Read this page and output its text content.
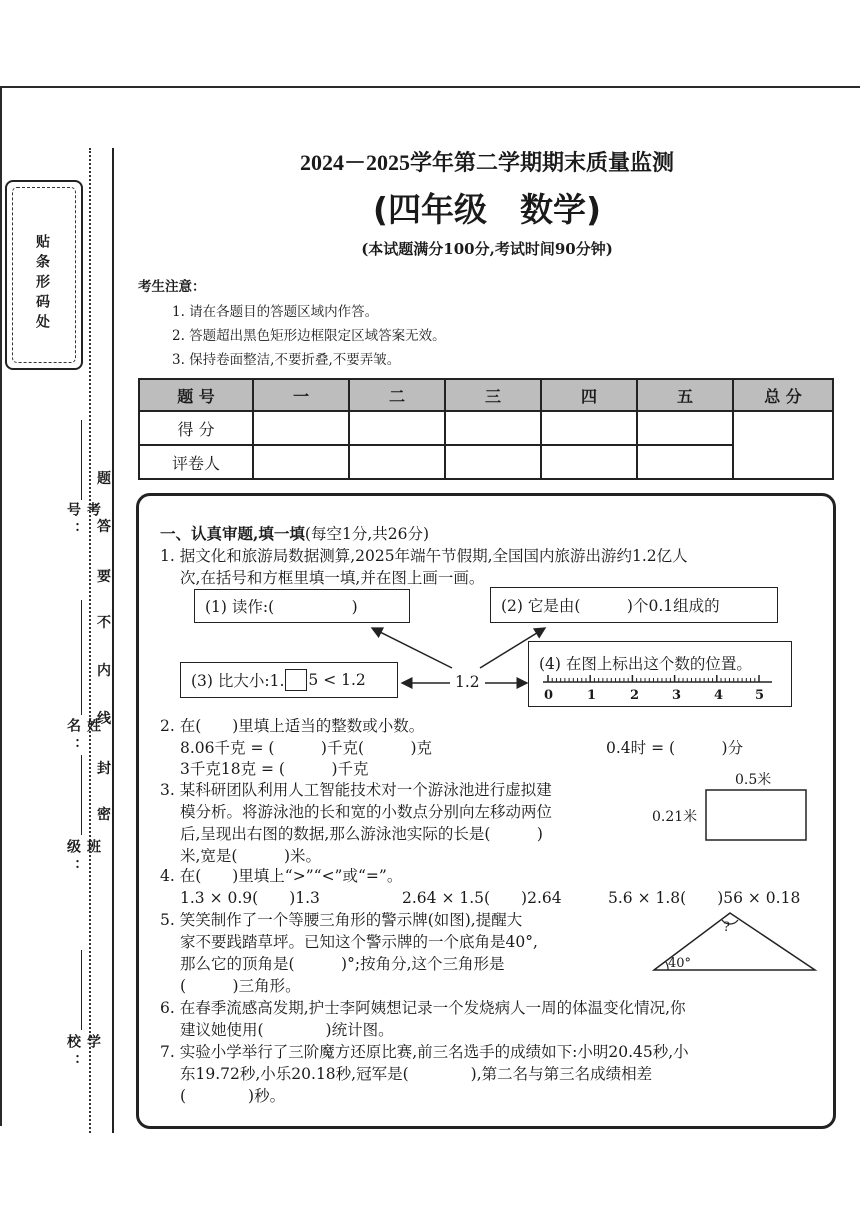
贴条形码处
考号：
姓名：
班级：
学校：
题
答
要
不
内
线
封
密
2024－2025学年第二学期期末质量监测
(四年级　数学)
(本试题满分100分,考试时间90分钟)
考生注意：
1. 请在各题目的答题区域内作答。
2. 答题超出黑色矩形边框限定区域答案无效。
3. 保持卷面整洁,不要折叠,不要弄皱。
题 号	一	二	三	四	五	总 分
得 分						
评卷人						
一、认真审题,填一填(每空1分,共26分)
1. 据文化和旅游局数据测算,2025年端午节假期,全国国内旅游出游约1.2亿人
次,在括号和方框里填一填,并在图上画一画。
(1) 读作:(　　　　　)	(2) 它是由(　　　)个0.1组成的
(3) 比大小:1. 5 < 1.2
(4) 在图上标出这个数的位置。
1.2
0	1	2	3	4 5
2. 在(　　)里填上适当的整数或小数。
8.06千克 = (　　　)千克(　　　)克	0.4时 = (　　　)分
3千克18克 = (　　　)千克
3. 某科研团队利用人工智能技术对一个游泳池进行虚拟建
模分析。将游泳池的长和宽的小数点分别向左移动两位
后,呈现出右图的数据,那么游泳池实际的长是(　　　)
米,宽是(　　　)米。
0.5米
0.21米
4. 在(　　)里填上“>”“<”或“=”。
1.3 × 0.9(　　)1.3	2.64 × 1.5(　　)2.64	5.6 × 1.8(　　)56 × 0.18
5. 笑笑制作了一个等腰三角形的警示牌(如图),提醒大
家不要践踏草坪。已知这个警示牌的一个底角是40°,
那么它的顶角是(　　　)°;按角分,这个三角形是
(　　　)三角形。
?
40°
6. 在春季流感高发期,护士李阿姨想记录一个发烧病人一周的体温变化情况,你
建议她使用(　　　　)统计图。
7. 实验小学举行了三阶魔方还原比赛,前三名选手的成绩如下:小明20.45秒,小
东19.72秒,小乐20.18秒,冠军是(　　　　),第二名与第三名成绩相差
(　　　　)秒。
